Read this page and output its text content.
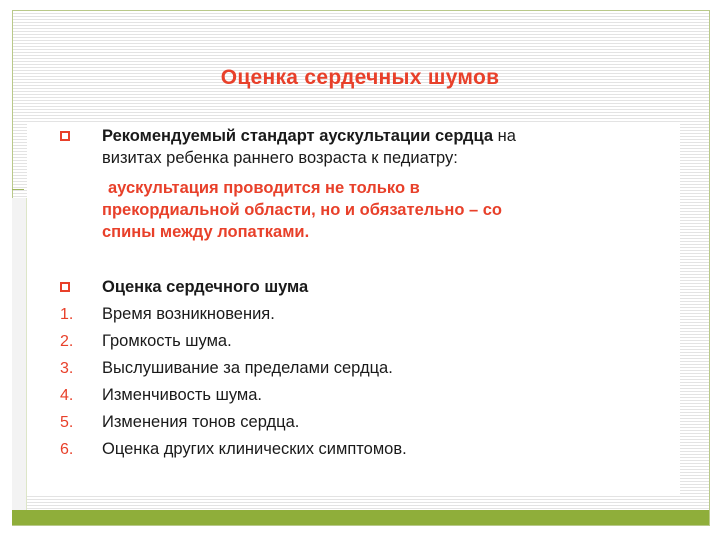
Оценка сердечных шумов
Рекомендуемый стандарт аускультации сердца на
визитах ребенка раннего возраста к педиатру:
аускультация проводится не только в
прекордиальной области, но и обязательно – со
спины между лопатками.
Оценка сердечного шума
1. Время возникновения.
2. Громкость шума.
3. Выслушивание за пределами сердца.
4. Изменчивость шума.
5. Изменения тонов сердца.
6. Оценка других клинических симптомов.
